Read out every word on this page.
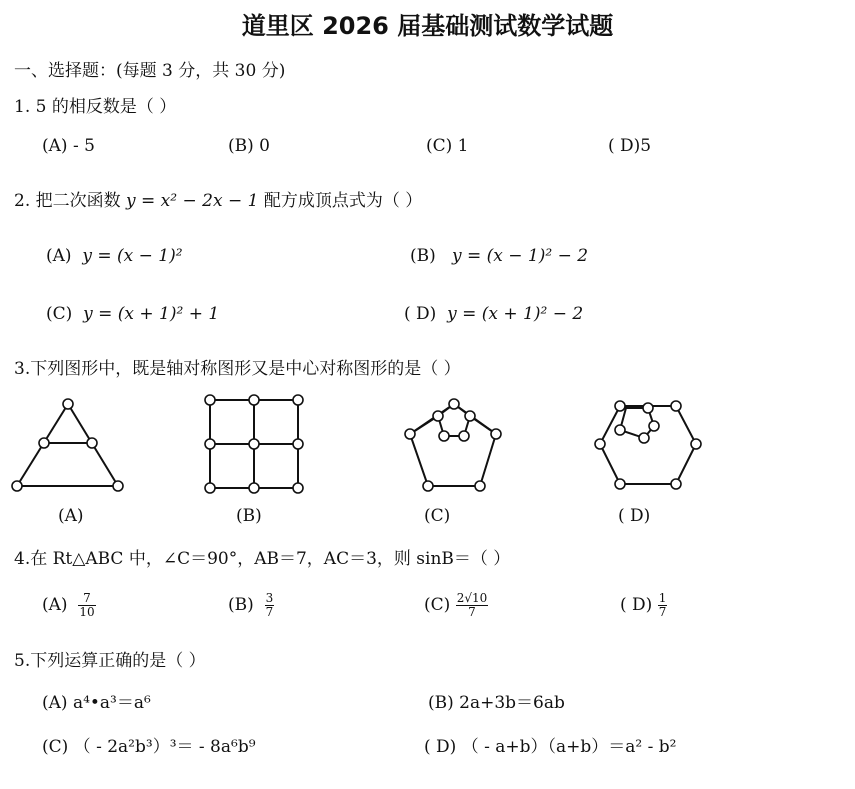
道里区 2026 届基础测试数学试题
一、选择题：(每题 3 分，共 30 分)
1. 5 的相反数是（ ）
(A) - 5	(B) 0	(C) 1	( D)5
2. 把二次函数 y = x² − 2x − 1 配方成顶点式为（ ）
(A) y = (x − 1)²	(B) y = (x − 1)² − 2
(C) y = (x + 1)² + 1	( D) y = (x + 1)² − 2
3.下列图形中，既是轴对称图形又是中心对称图形的是（ ）
(A)	(B)	(C)	( D)
4.在 Rt△ABC 中，∠C＝90°，AB＝7，AC＝3，则 sinB＝（ ）
$(A) \frac{7}{10}$	$(B) \frac{3}{7}$	$(C) \frac{2√10}{7}$	( $D) \frac{1}{7}$
5.下列运算正确的是（ ）
(A) a⁴•a³＝a⁶	(B) 2a+3b＝6ab
(C) （ - 2a²b³）³＝ - 8a⁶b⁹	( D) （ - a+b）（a+b）＝a² - b²
